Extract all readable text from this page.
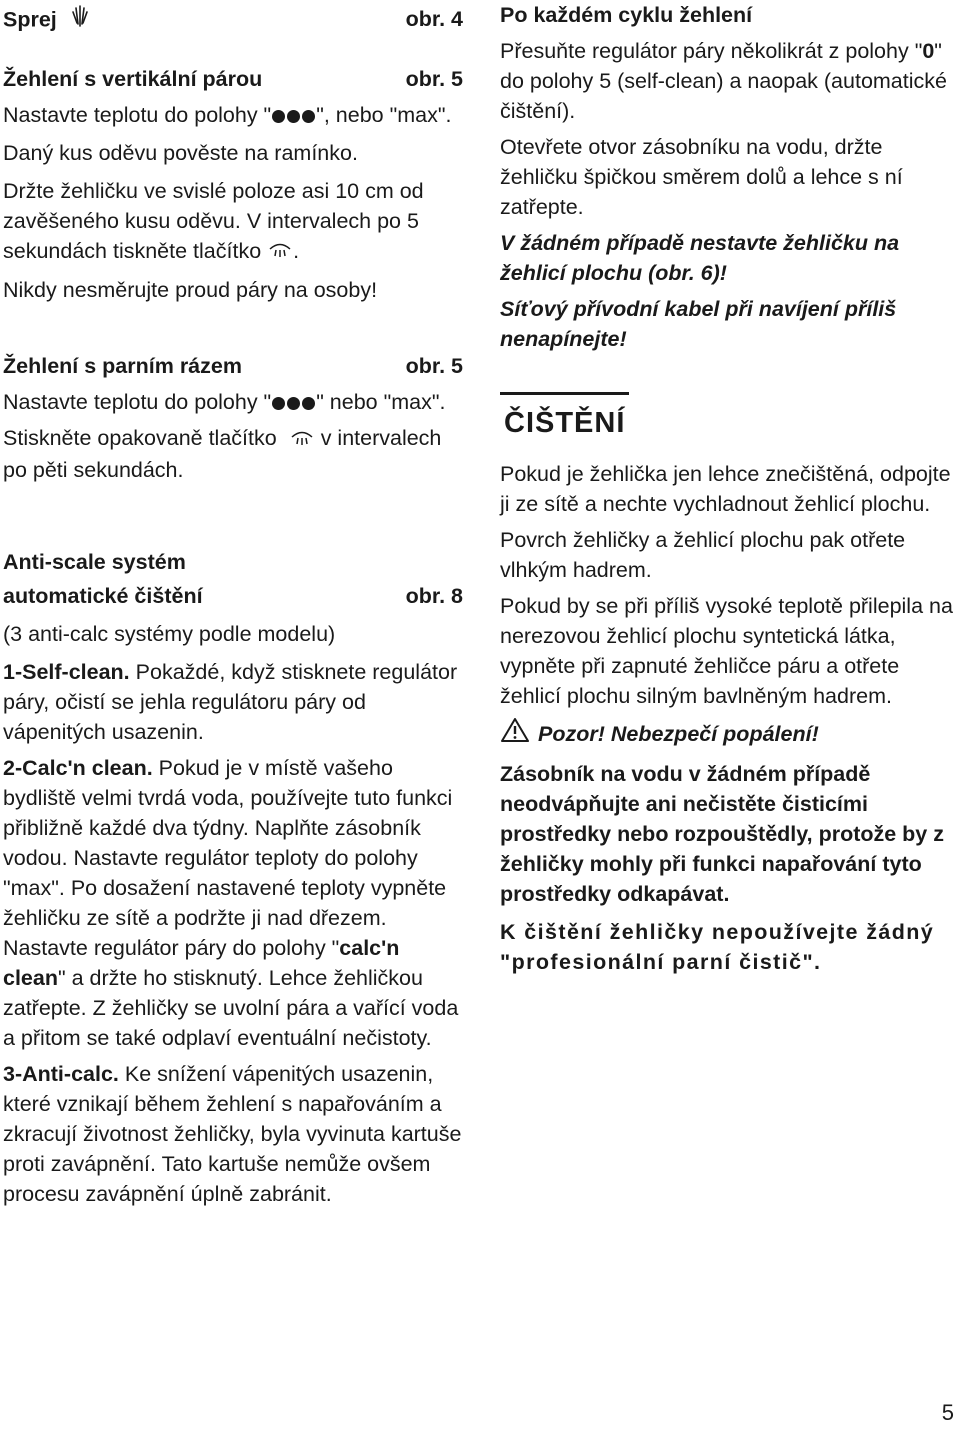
Sprej	obr. 4
Žehlení s vertikální párou	obr. 5

Nastavte teplotu do polohy " ", nebo "max".

Daný kus oděvu pověste na ramínko.

Držte žehličku ve svislé poloze asi 10 cm od zavěšeného kusu oděvu. V intervalech po 5 sekundách tiskněte tlačítko .

Nikdy nesměrujte proud páry na osoby!

Žehlení s parním rázem	obr. 5

Nastavte teplotu do polohy " " nebo "max".

Stiskněte opakovaně tlačítko v intervalech po pěti sekundách.

Anti-scale systém
automatické čištění	obr. 8

(3 anti-calc systémy podle modelu)

1-Self-clean. Pokaždé, když stisknete regulátor páry, očistí se jehla regulátoru páry od vápenitých usazenin.

2-Calc'n clean. Pokud je v místě vašeho bydliště velmi tvrdá voda, používejte tuto funkci přibližně každé dva týdny. Naplňte zásobník vodou. Nastavte regulátor teploty do polohy "max". Po dosažení nastavené teploty vypněte žehličku ze sítě a podržte ji nad dřezem. Nastavte regulátor páry do polohy "calc'n clean" a držte ho stisknutý. Lehce žehličkou zatřepte. Z žehličky se uvolní pára a vařící voda a přitom se také odplaví eventuální nečistoty.

3-Anti-calc. Ke snížení vápenitých usazenin, které vznikají během žehlení s napařováním a zkracují životnost žehličky, byla vyvinuta kartuše proti zavápnění. Tato kartuše nemůže ovšem procesu zavápnění úplně zabránit.

Po každém cyklu žehlení

Přesuňte regulátor páry několikrát z polohy "0" do polohy 5 (self-clean) a naopak (automatické čištění).

Otevřete otvor zásobníku na vodu, držte žehličku špičkou směrem dolů a lehce s ní zatřepte.

V žádném případě nestavte žehličku na žehlicí plochu (obr. 6)!

Síťový přívodní kabel při navíjení příliš nenapínejte!

ČIŠTĚNÍ

Pokud je žehlička jen lehce znečištěná, odpojte ji ze sítě a nechte vychladnout žehlicí plochu.

Povrch žehličky a žehlicí plochu pak otřete vlhkým hadrem.

Pokud by se při příliš vysoké teplotě přilepila na nerezovou žehlicí plochu syntetická látka, vypněte při zapnuté žehličce páru a otřete žehlicí plochu silným bavlněným hadrem.

Pozor! Nebezpečí popálení!

Zásobník na vodu v žádném případě neodvápňujte ani nečistěte čisticími prostředky nebo rozpouštědly, protože by z žehličky mohly při funkci napařování tyto prostředky odkapávat.

K čištění žehličky nepoužívejte žádný "profesionální parní čistič".

5
